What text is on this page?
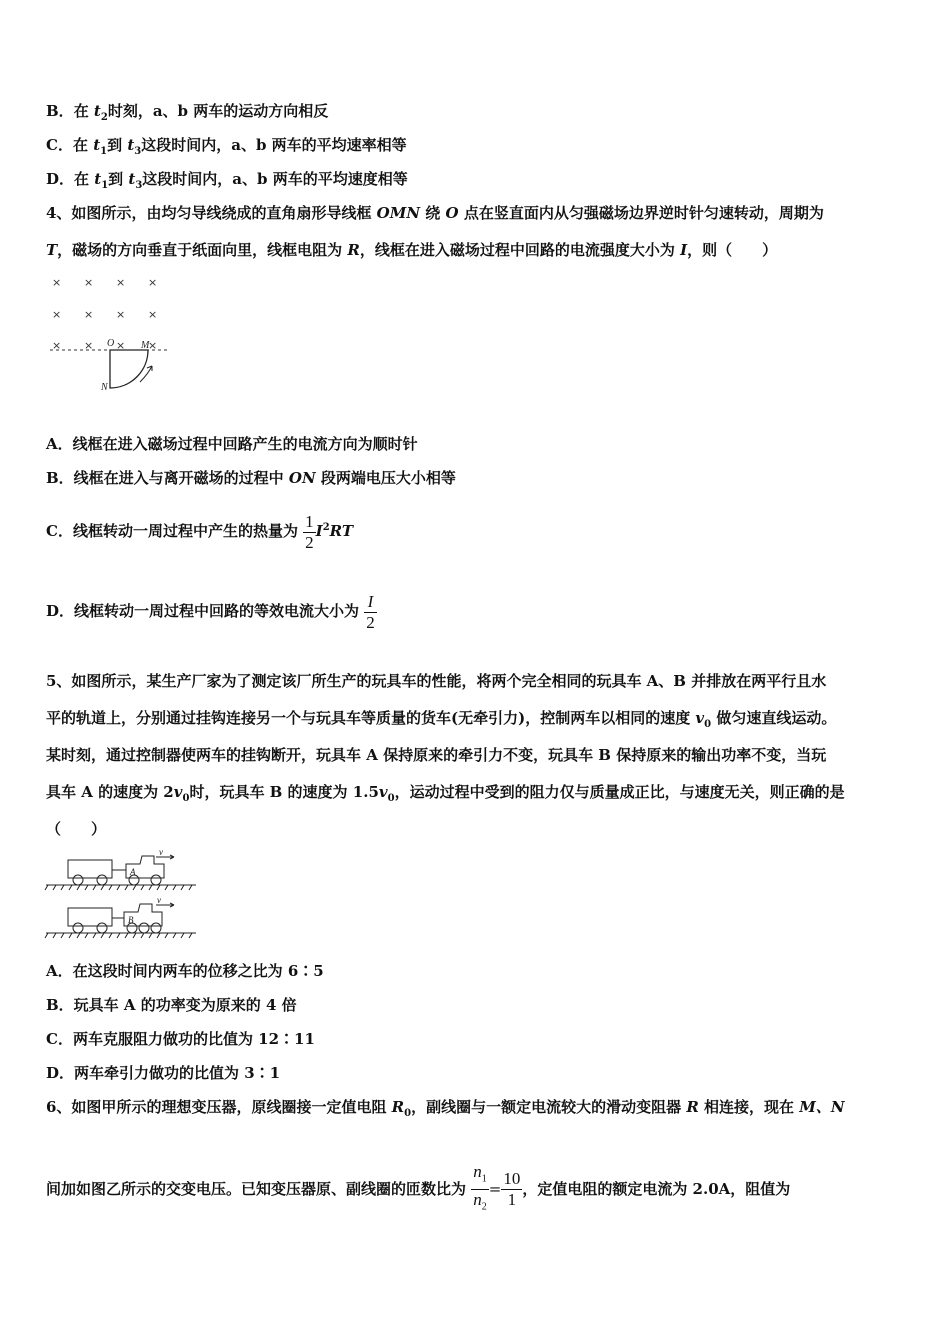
B．在 $t_2$时刻，a、b 两车的运动方向相反
C．在 $t_1$到 $t_3$这段时间内，a、b 两车的平均速率相等
D．在 $t_1$到 $t_3$这段时间内，a、b 两车的平均速度相等
4、如图所示，由均匀导线绕成的直角扇形导线框 OMN 绕 O 点在竖直面内从匀强磁场边界逆时针匀速转动，周期为
T，磁场的方向垂直于纸面向里，线框电阻为 R，线框在进入磁场过程中回路的电流强度大小为 I，则（　　）
× × × ×
× × × ×
× × × ×
O	M
N
A．线框在进入磁场过程中回路产生的电流方向为顺时针
B．线框在进入与离开磁场的过程中 ON 段两端电压大小相等
C．线框转动一周过程中产生的热量为 $\frac{1}{2} I^2RT$
D．线框转动一周过程中回路的等效电流大小为 $\frac{I}{2}$
5、如图所示，某生产厂家为了测定该厂所生产的玩具车的性能，将两个完全相同的玩具车 A、B 并排放在两平行且水
平的轨道上，分别通过挂钩连接另一个与玩具车等质量的货车(无牵引力)，控制两车以相同的速度 $v_0$ 做匀速直线运动。
某时刻，通过控制器使两车的挂钩断开，玩具车 A 保持原来的牵引力不变，玩具车 B 保持原来的输出功率不变，当玩
具车 A 的速度为 $2v_0$时，玩具车 B 的速度为 $1.5v_0$，运动过程中受到的阻力仅与质量成正比，与速度无关，则正确的是
（　　）
A
B
v
v
A．在这段时间内两车的位移之比为 6∶5
B．玩具车 A 的功率变为原来的 4 倍
C．两车克服阻力做功的比值为 12∶11
D．两车牵引力做功的比值为 3∶1
6、如图甲所示的理想变压器，原线圈接一定值电阻 $R_0$，副线圈与一额定电流较大的滑动变阻器 R 相连接，现在 M、N
间加如图乙所示的交变电压。已知变压器原、副线圈的匝数比为 $\frac{n_1}{n_2} = \frac{10}{1}$ ，定值电阻的额定电流为 2.0A，阻值为
